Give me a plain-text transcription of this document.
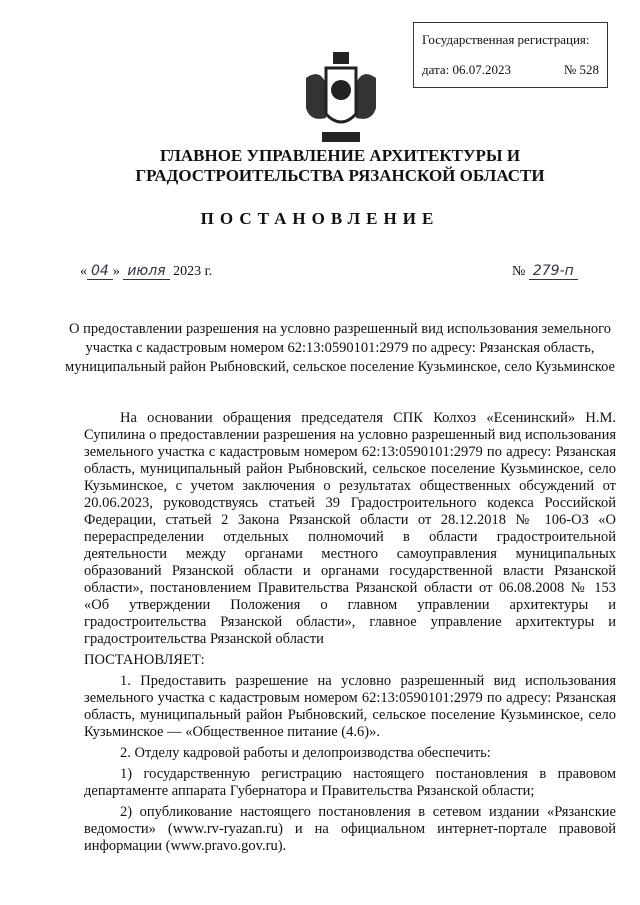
Государственная регистрация:
дата: 06.07.2023	№ 528
ГЛАВНОЕ УПРАВЛЕНИЕ АРХИТЕКТУРЫ И ГРАДОСТРОИТЕЛЬСТВА РЯЗАНСКОЙ ОБЛАСТИ
ПОСТАНОВЛЕНИЕ
« 04 » июля 2023 г.	№ 279-п
О предоставлении разрешения на условно разрешенный вид использования земельного участка с кадастровым номером 62:13:0590101:2979 по адресу: Рязанская область, муниципальный район Рыбновский, сельское поселение Кузьминское, село Кузьминское

На основании обращения председателя СПК Колхоз «Есенинский» Н.М. Супилина о предоставлении разрешения на условно разрешенный вид использования земельного участка с кадастровым номером 62:13:0590101:2979 по адресу: Рязанская область, муниципальный район Рыбновский, сельское поселение Кузьминское, село Кузьминское, с учетом заключения о результатах общественных обсуждений от 20.06.2023, руководствуясь статьей 39 Градостроительного кодекса Российской Федерации, статьей 2 Закона Рязанской области от 28.12.2018 № 106-ОЗ «О перераспределении отдельных полномочий в области градостроительной деятельности между органами местного самоуправления муниципальных образований Рязанской области и органами государственной власти Рязанской области», постановлением Правительства Рязанской области от 06.08.2008 № 153 «Об утверждении Положения о главном управлении архитектуры и градостроительства Рязанской области», главное управление архитектуры и градостроительства Рязанской области

ПОСТАНОВЛЯЕТ:

1. Предоставить разрешение на условно разрешенный вид использования земельного участка с кадастровым номером 62:13:0590101:2979 по адресу: Рязанская область, муниципальный район Рыбновский, сельское поселение Кузьминское, село Кузьминское — «Общественное питание (4.6)».

2. Отделу кадровой работы и делопроизводства обеспечить:

1) государственную регистрацию настоящего постановления в правовом департаменте аппарата Губернатора и Правительства Рязанской области;

2) опубликование настоящего постановления в сетевом издании «Рязанские ведомости» (www.rv-ryazan.ru) и на официальном интернет-портале правовой информации (www.pravo.gov.ru).
